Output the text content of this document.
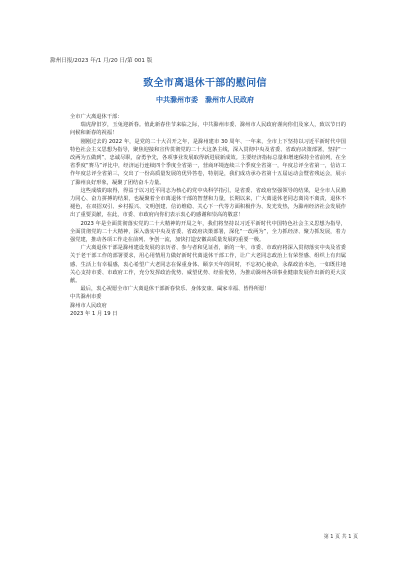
滁州日报/2023 年/1 月/20 日/第 001 版
致全市离退休干部的慰问信
中共滁州市委　滁州市人民政府

全市广大离退休干部：

瑞虎辞旧岁，玉兔迎新春。值此新春佳节来临之际，中共滁州市委、滁州市人民政府谨向你们及家人，致以节日的问候和新春的祝福！

刚刚过去的 2022 年，是党的二十大召开之年，是滁州建市 30 周年、一年来，全市上下坚持以习近平新时代中国特色社会主义思想为指导，聚焦迎接和宣传贯彻党的二十大这条主线，深入贯彻中央及省委、省政府决策部署，坚持“一改两为五做到”，忠诚尽职，奋勇争先，各项事业发展取得新进展新成效。主要经济指标总量和增速保持全省前列，在全省季度“赛马”评比中，经济运行连续四个季度全省第一，营商环境连续三个季度全省第一，年度总评全省第一，信访工作年度总评全省第三，交出了一份高质量发展的优异答卷，特别是，我们成功承办省第十五届运动会暨省残运会，展示了滁州良好形象，凝聚了团结奋斗力量。

这些成绩的取得，得益于以习近平同志为核心的党中央科学指引，是省委、省政府坚强领导的结果，是全市人民勠力同心、奋力拼搏的结果，也凝聚着全市离退休干部的智慧和力量，长期以来，广大离退休老同志离岗不离责，退休不褪色，在双招双引、乡村振兴、文明创建、信访维稳、关心下一代等方面积极作为、发光发热，为滁州经济社会发展作出了重要贡献，在此，市委、市政府向你们表示衷心的感谢和崇高的敬意！

2023 年是全面贯彻落实党的二十大精神的开局之年，我们将坚持以习近平新时代中国特色社会主义思想为指导，全面贯彻党的二十大精神，深入落实中央及省委、省政府决策部署，深化“一改两为”，全力抓经济、聚力抓发展，着力强党建，推动各项工作走在前列、争创一流，加快打造安徽高质量发展的重要一极。

广大离退休干部是滁州建设发展的亲历者、参与者和见证者，新的一年，市委、市政府将深入贯彻落实中央及省委关于老干部工作的部署要求，用心用情用力做好新时代离退休干部工作，让广大老同志政治上有荣誉感、组织上有归属感、生活上有幸福感，衷心希望广大老同志在保重身体、颐享天年的同时，不忘初心使命，永葆政治本色，一如既往地关心支持市委、市政府工作，充分发挥政治优势、威望优势、经验优势，为推动滁州各项事业健康发展作出新的更大贡献。

最后，衷心祝愿全市广大离退休干部新春快乐、身体安康、阖家幸福、皆得所愿！

中共滁州市委

滁州市人民政府

2023 年 1 月 19 日

第 1 页 共 1 页
